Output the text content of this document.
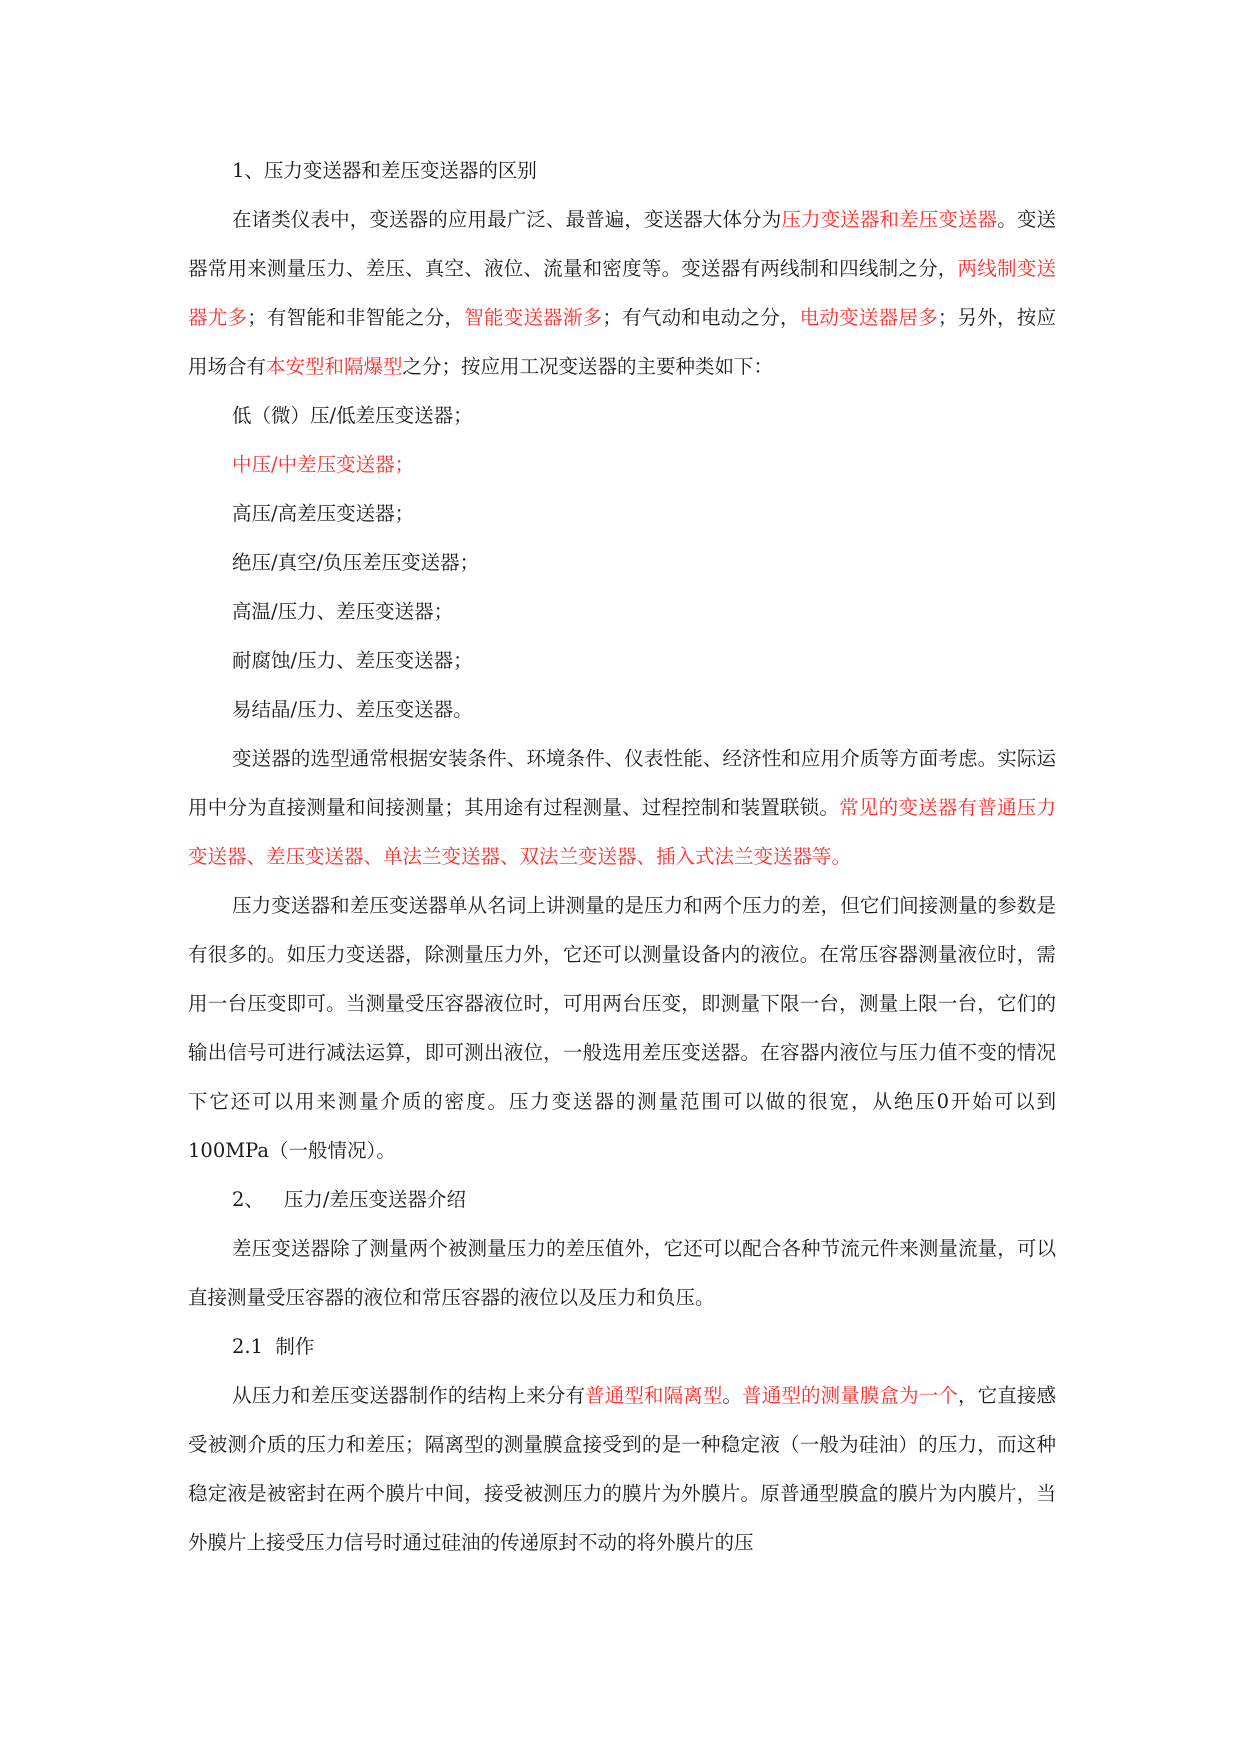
1、压力变送器和差压变送器的区别

在诸类仪表中，变送器的应用最广泛、最普遍，变送器大体分为压力变送器和差压变送器。变送器常用来测量压力、差压、真空、液位、流量和密度等。变送器有两线制和四线制之分，两线制变送器尤多；有智能和非智能之分，智能变送器渐多；有气动和电动之分，电动变送器居多；另外，按应用场合有本安型和隔爆型之分；按应用工况变送器的主要种类如下：

低（微）压/低差压变送器；

中压/中差压变送器；

高压/高差压变送器；

绝压/真空/负压差压变送器；

高温/压力、差压变送器；

耐腐蚀/压力、差压变送器；

易结晶/压力、差压变送器。

变送器的选型通常根据安装条件、环境条件、仪表性能、经济性和应用介质等方面考虑。实际运用中分为直接测量和间接测量；其用途有过程测量、过程控制和装置联锁。常见的变送器有普通压力变送器、差压变送器、单法兰变送器、双法兰变送器、插入式法兰变送器等。

压力变送器和差压变送器单从名词上讲测量的是压力和两个压力的差，但它们间接测量的参数是有很多的。如压力变送器，除测量压力外，它还可以测量设备内的液位。在常压容器测量液位时，需用一台压变即可。当测量受压容器液位时，可用两台压变，即测量下限一台，测量上限一台，它们的输出信号可进行减法运算，即可测出液位，一般选用差压变送器。在容器内液位与压力值不变的情况下它还可以用来测量介质的密度。压力变送器的测量范围可以做的很宽，从绝压0开始可以到100MPa（一般情况）。

2、 压力/差压变送器介绍

差压变送器除了测量两个被测量压力的差压值外，它还可以配合各种节流元件来测量流量，可以直接测量受压容器的液位和常压容器的液位以及压力和负压。

2.1  制作

从压力和差压变送器制作的结构上来分有普通型和隔离型。普通型的测量膜盒为一个，它直接感受被测介质的压力和差压；隔离型的测量膜盒接受到的是一种稳定液（一般为硅油）的压力，而这种稳定液是被密封在两个膜片中间，接受被测压力的膜片为外膜片。原普通型膜盒的膜片为内膜片，当外膜片上接受压力信号时通过硅油的传递原封不动的将外膜片的压
